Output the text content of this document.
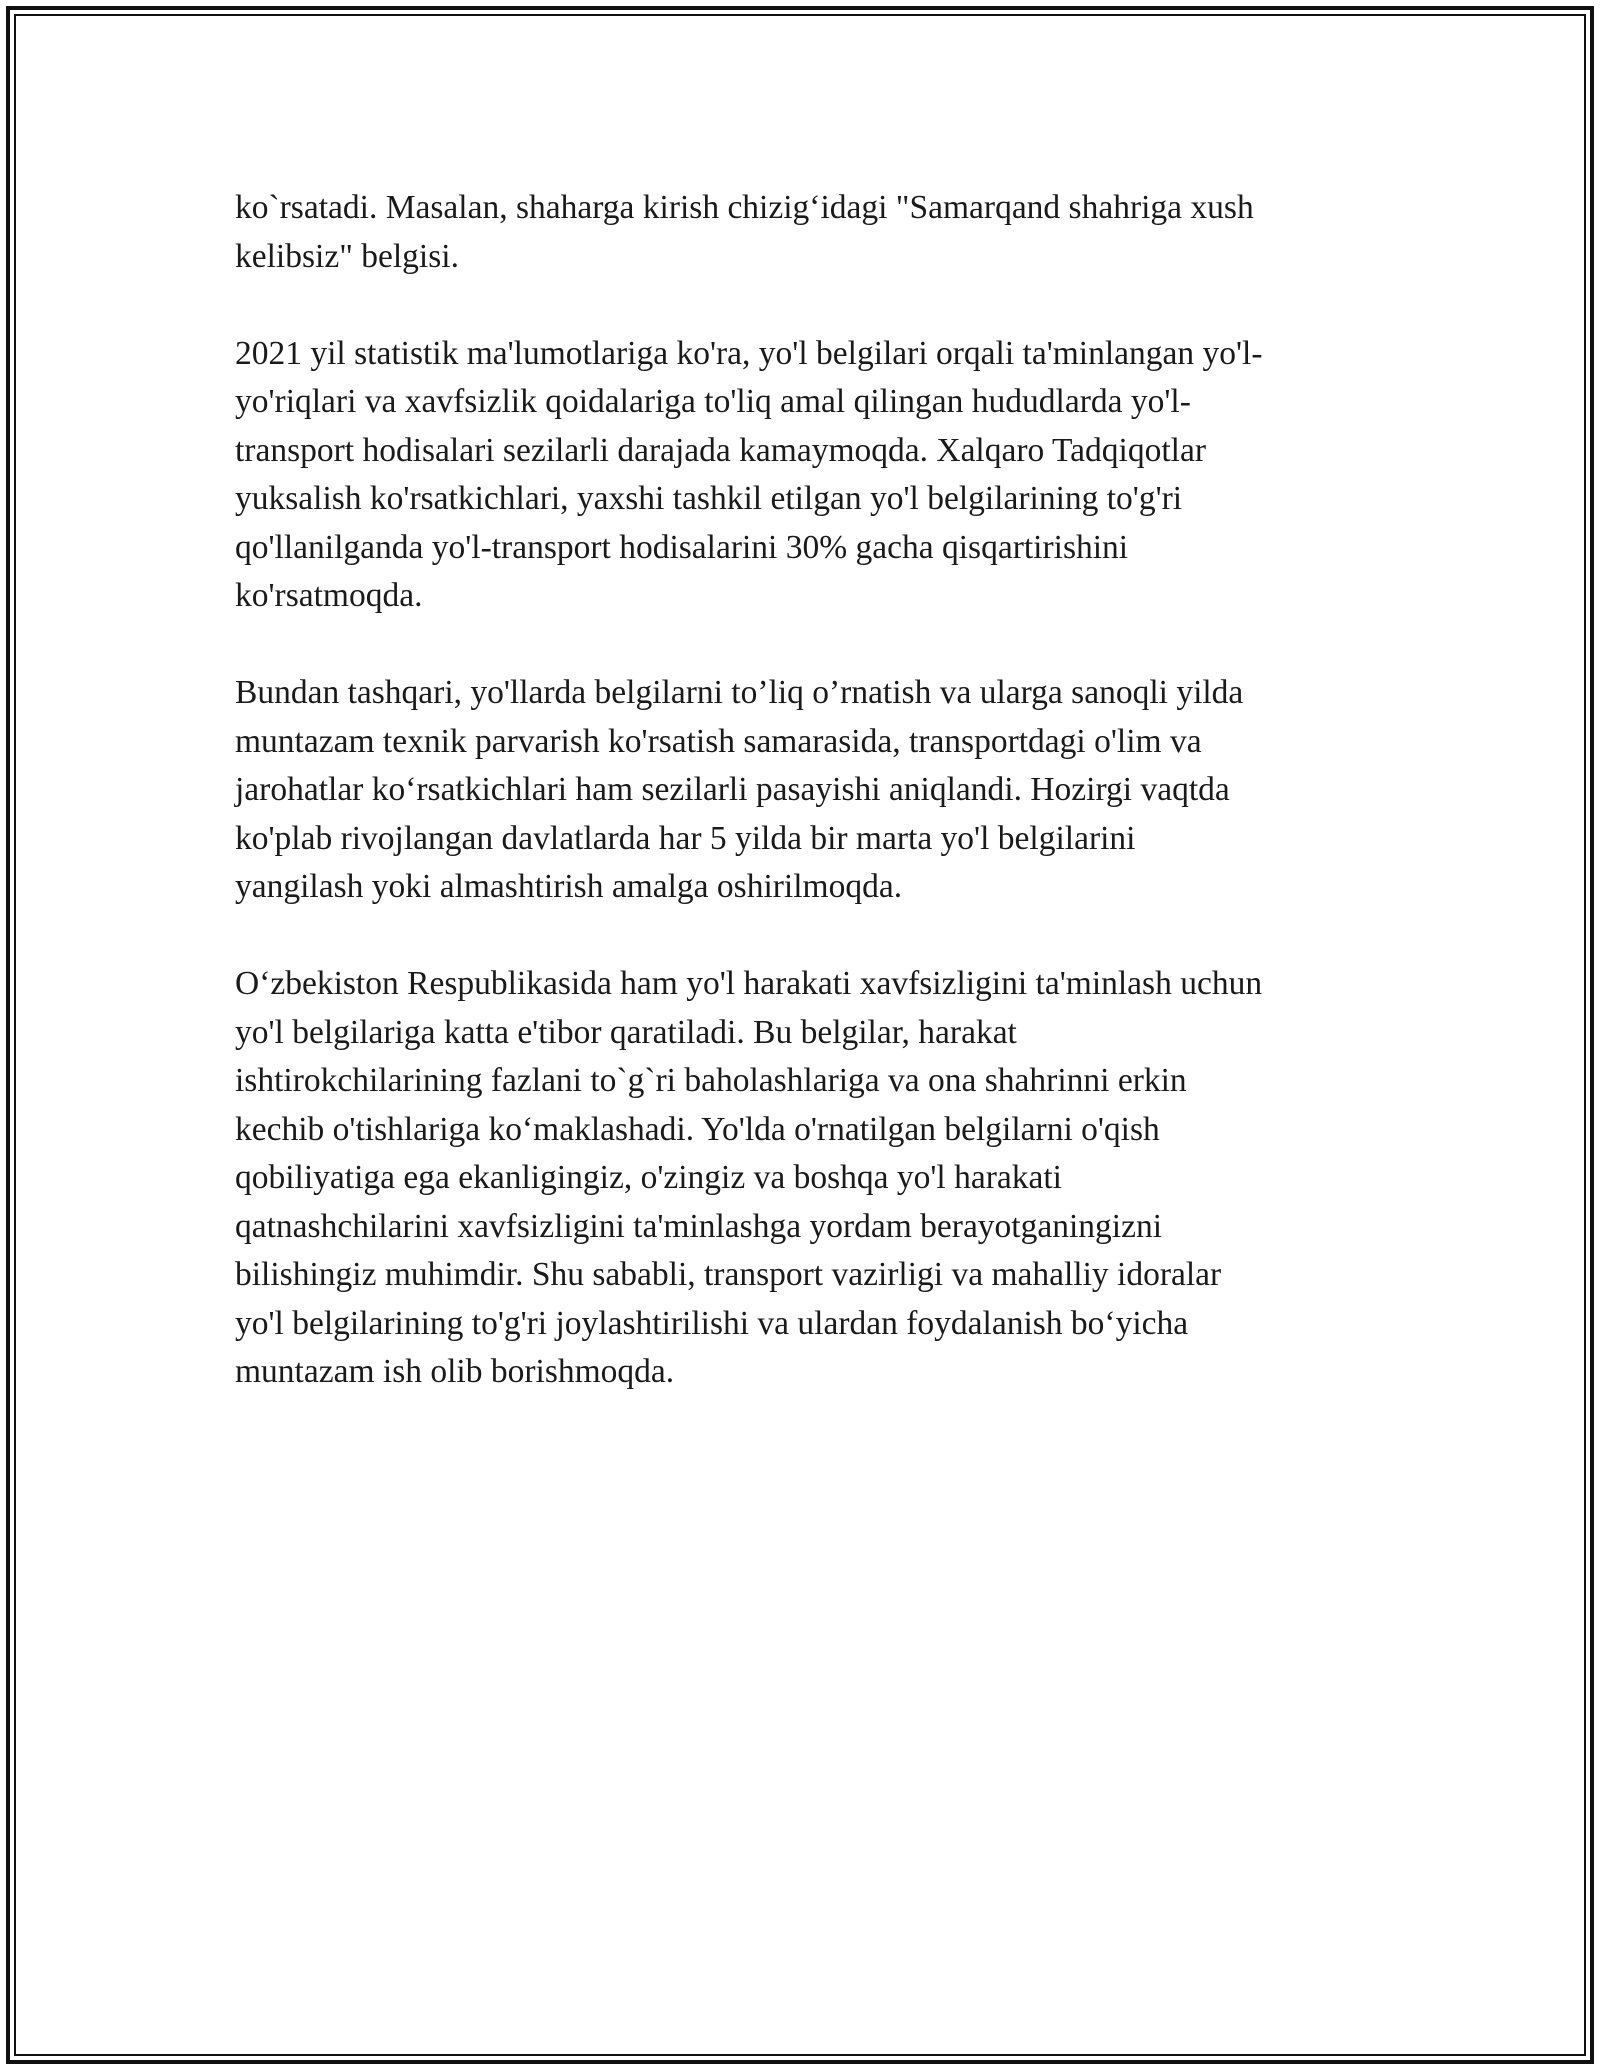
ko`rsatadi. Masalan, shaharga kirish chizig‘idagi "Samarqand shahriga xush
kelibsiz" belgisi.

2021 yil statistik ma'lumotlariga ko'ra, yo'l belgilari orqali ta'minlangan yo'l-
yo'riqlari va xavfsizlik qoidalariga to'liq amal qilingan hududlarda yo'l-
transport hodisalari sezilarli darajada kamaymoqda. Xalqaro Tadqiqotlar
yuksalish ko'rsatkichlari, yaxshi tashkil etilgan yo'l belgilarining to'g'ri
qo'llanilganda yo'l-transport hodisalarini 30% gacha qisqartirishini
ko'rsatmoqda.

Bundan tashqari, yo'llarda belgilarni to’liq o’rnatish va ularga sanoqli yilda
muntazam texnik parvarish ko'rsatish samarasida, transportdagi o'lim va
jarohatlar ko‘rsatkichlari ham sezilarli pasayishi aniqlandi. Hozirgi vaqtda
ko'plab rivojlangan davlatlarda har 5 yilda bir marta yo'l belgilarini
yangilash yoki almashtirish amalga oshirilmoqda.

O‘zbekiston Respublikasida ham yo'l harakati xavfsizligini ta'minlash uchun
yo'l belgilariga katta e'tibor qaratiladi. Bu belgilar, harakat
ishtirokchilarining fazlani to`g`ri baholashlariga va ona shahrinni erkin
kechib o'tishlariga ko‘maklashadi. Yo'lda o'rnatilgan belgilarni o'qish
qobiliyatiga ega ekanligingiz, o'zingiz va boshqa yo'l harakati
qatnashchilarini xavfsizligini ta'minlashga yordam berayotganingizni
bilishingiz muhimdir. Shu sababli, transport vazirligi va mahalliy idoralar
yo'l belgilarining to'g'ri joylashtirilishi va ulardan foydalanish bo‘yicha
muntazam ish olib borishmoqda.
